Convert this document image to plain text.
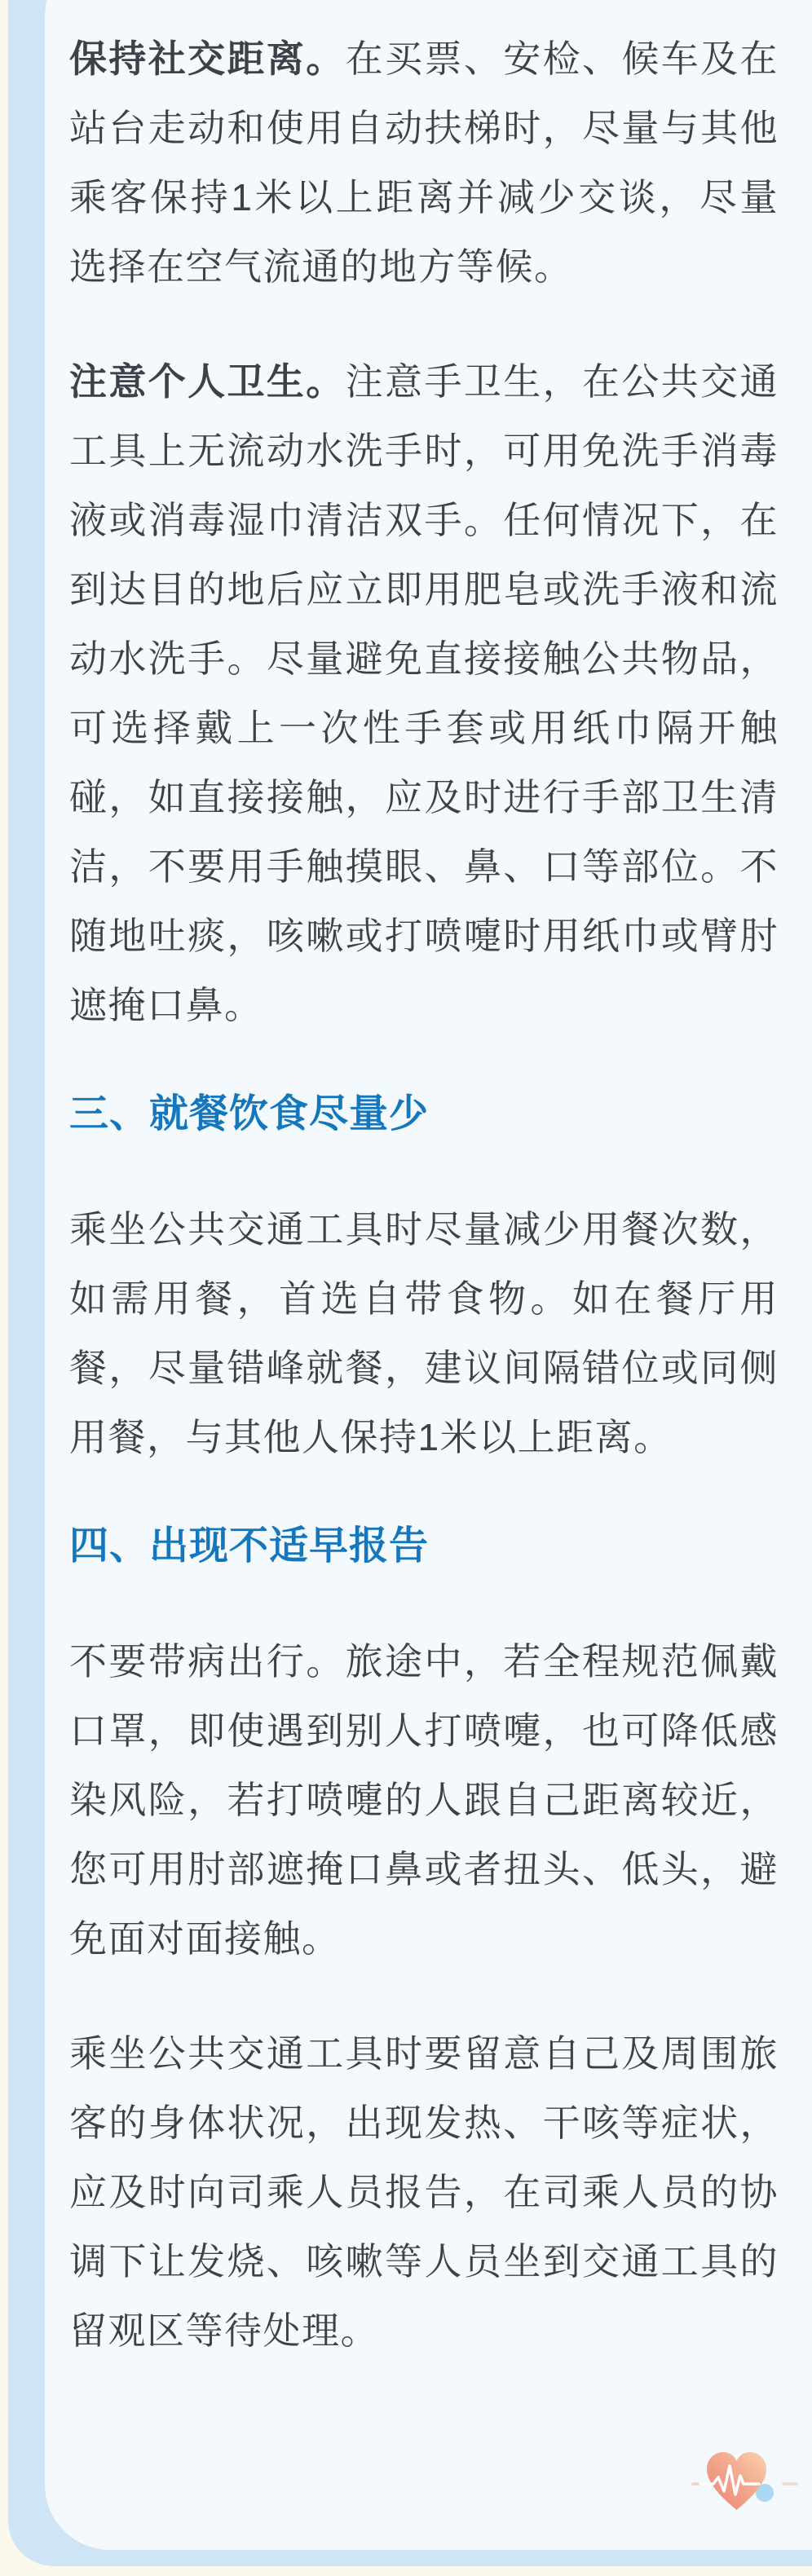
保持社交距离。在买票、安检、候车及在站台走动和使用自动扶梯时，尽量与其他乘客保持1米以上距离并减少交谈，尽量选择在空气流通的地方等候。

注意个人卫生。注意手卫生，在公共交通工具上无流动水洗手时，可用免洗手消毒液或消毒湿巾清洁双手。任何情况下，在到达目的地后应立即用肥皂或洗手液和流动水洗手。尽量避免直接接触公共物品，可选择戴上一次性手套或用纸巾隔开触碰，如直接接触，应及时进行手部卫生清洁，不要用手触摸眼、鼻、口等部位。不随地吐痰，咳嗽或打喷嚏时用纸巾或臂肘遮掩口鼻。

三、就餐饮食尽量少

乘坐公共交通工具时尽量减少用餐次数，如需用餐，首选自带食物。如在餐厅用餐，尽量错峰就餐，建议间隔错位或同侧用餐，与其他人保持1米以上距离。

四、出现不适早报告

不要带病出行。旅途中，若全程规范佩戴口罩，即使遇到别人打喷嚏，也可降低感染风险，若打喷嚏的人跟自己距离较近，您可用肘部遮掩口鼻或者扭头、低头，避免面对面接触。

乘坐公共交通工具时要留意自己及周围旅客的身体状况，出现发热、干咳等症状，应及时向司乘人员报告，在司乘人员的协调下让发烧、咳嗽等人员坐到交通工具的留观区等待处理。
